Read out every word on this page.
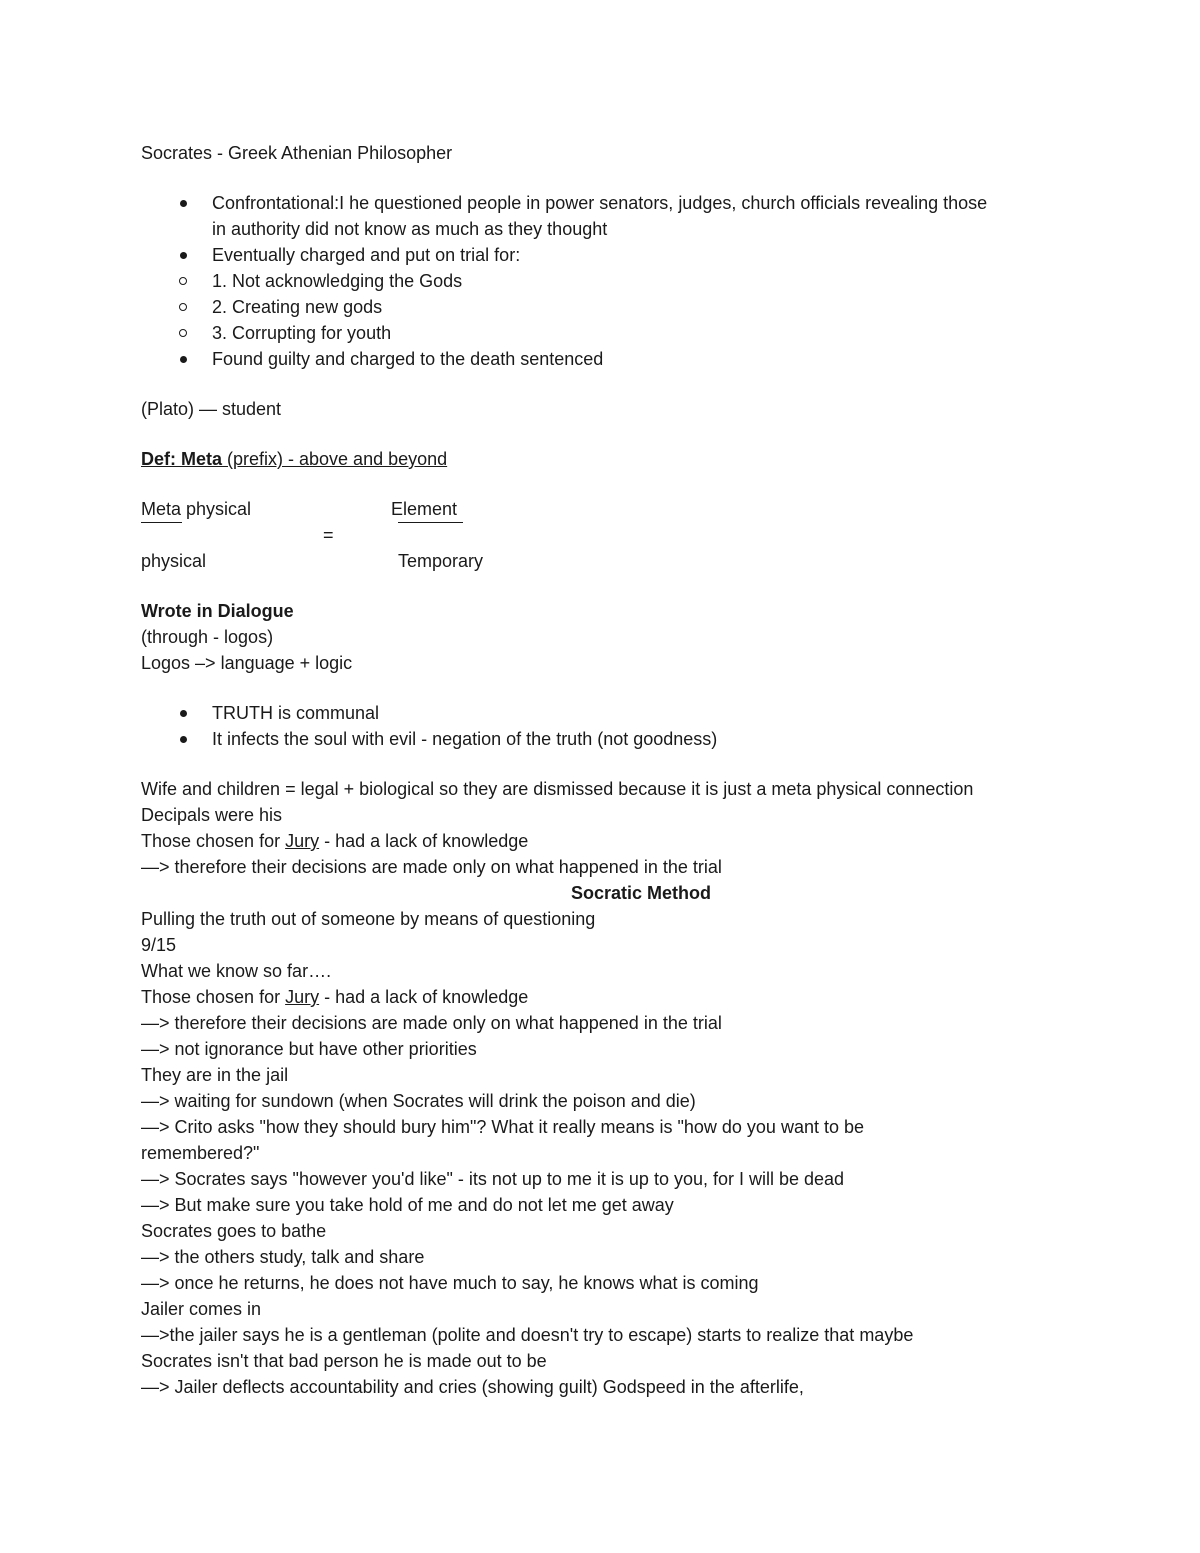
Socrates - Greek Athenian Philosopher
Confrontational:I he questioned people in power senators, judges, church officials revealing those
in authority did not know as much as they thought
Eventually charged and put on trial for:
1. Not acknowledging the Gods
2. Creating new gods
3. Corrupting for youth
Found guilty and charged to the death sentenced
(Plato) — student
Def: Meta (prefix) - above and beyond
Meta physical	Element
=
physical	Temporary
Wrote in Dialogue
(through - logos)
Logos –> language + logic
TRUTH is communal
It infects the soul with evil - negation of the truth (not goodness)
Wife and children = legal + biological so they are dismissed because it is just a meta physical connection
Decipals were his
Those chosen for Jury - had a lack of knowledge
—> therefore their decisions are made only on what happened in the trial
Socratic Method
Pulling the truth out of someone by means of questioning
9/15
What we know so far….
Those chosen for Jury - had a lack of knowledge
—> therefore their decisions are made only on what happened in the trial
—> not ignorance but have other priorities
They are in the jail
—> waiting for sundown (when Socrates will drink the poison and die)
—> Crito asks "how they should bury him"? What it really means is "how do you want to be
remembered?"
—> Socrates says "however you'd like" - its not up to me it is up to you, for I will be dead
—> But make sure you take hold of me and do not let me get away
Socrates goes to bathe
—> the others study, talk and share
—> once he returns, he does not have much to say, he knows what is coming
Jailer comes in
—>the jailer says he is a gentleman (polite and doesn't try to escape) starts to realize that maybe
Socrates isn't that bad person he is made out to be
—> Jailer deflects accountability and cries (showing guilt) Godspeed in the afterlife,
